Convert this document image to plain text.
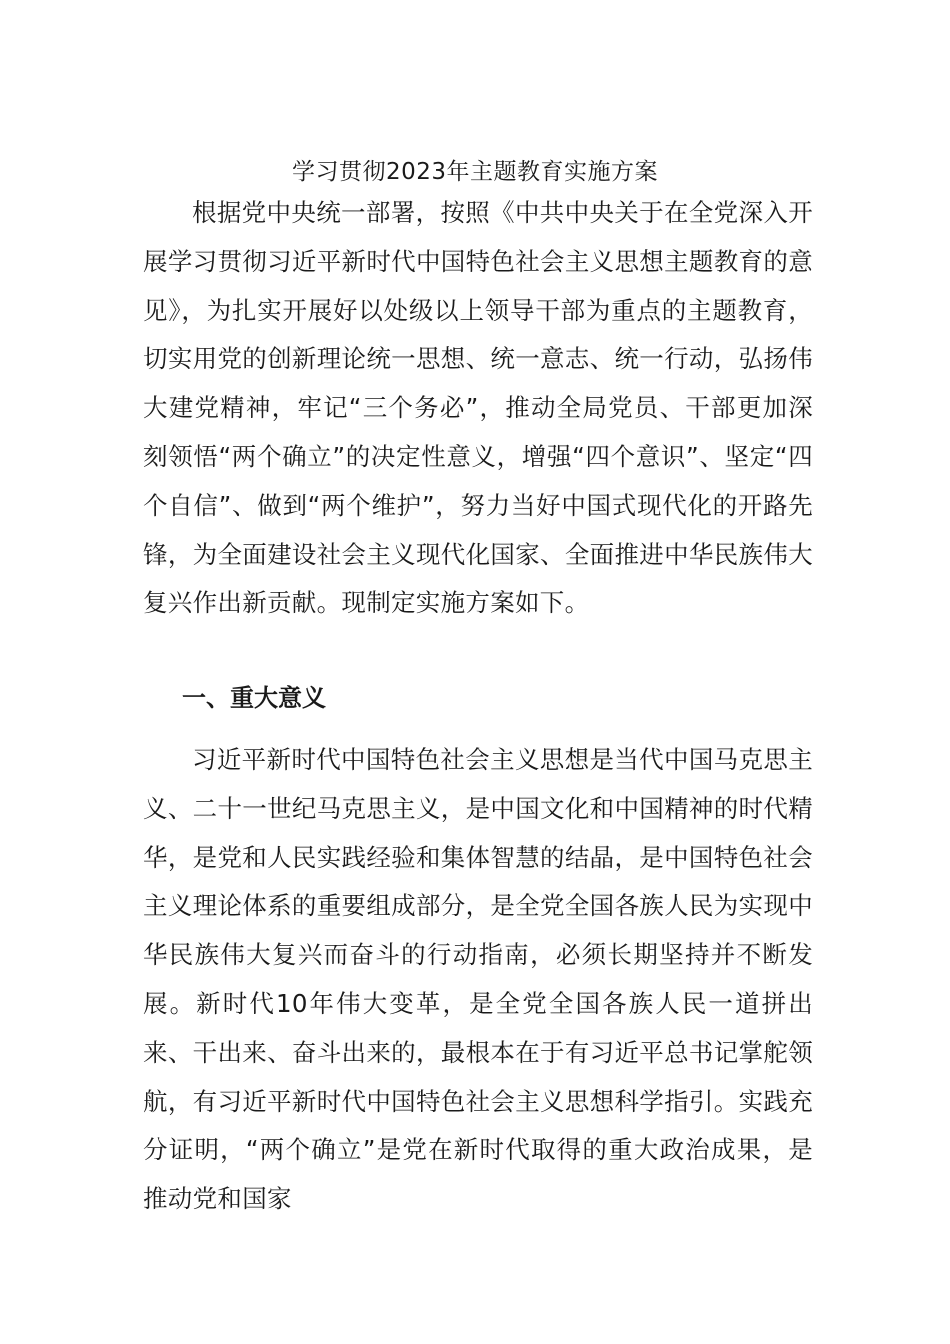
学习贯彻2023年主题教育实施方案

根据党中央统一部署，按照《中共中央关于在全党深入开展学习贯彻习近平新时代中国特色社会主义思想主题教育的意见》，为扎实开展好以处级以上领导干部为重点的主题教育，切实用党的创新理论统一思想、统一意志、统一行动，弘扬伟大建党精神，牢记“三个务必”，推动全局党员、干部更加深刻领悟“两个确立”的决定性意义，增强“四个意识”、坚定“四个自信”、做到“两个维护”，努力当好中国式现代化的开路先锋，为全面建设社会主义现代化国家、全面推进中华民族伟大复兴作出新贡献。现制定实施方案如下。

一、重大意义

习近平新时代中国特色社会主义思想是当代中国马克思主义、二十一世纪马克思主义，是中国文化和中国精神的时代精华，是党和人民实践经验和集体智慧的结晶，是中国特色社会主义理论体系的重要组成部分，是全党全国各族人民为实现中华民族伟大复兴而奋斗的行动指南，必须长期坚持并不断发展。新时代10年伟大变革，是全党全国各族人民一道拼出来、干出来、奋斗出来的，最根本在于有习近平总书记掌舵领航，有习近平新时代中国特色社会主义思想科学指引。实践充分证明，“两个确立”是党在新时代取得的重大政治成果，是推动党和国家
